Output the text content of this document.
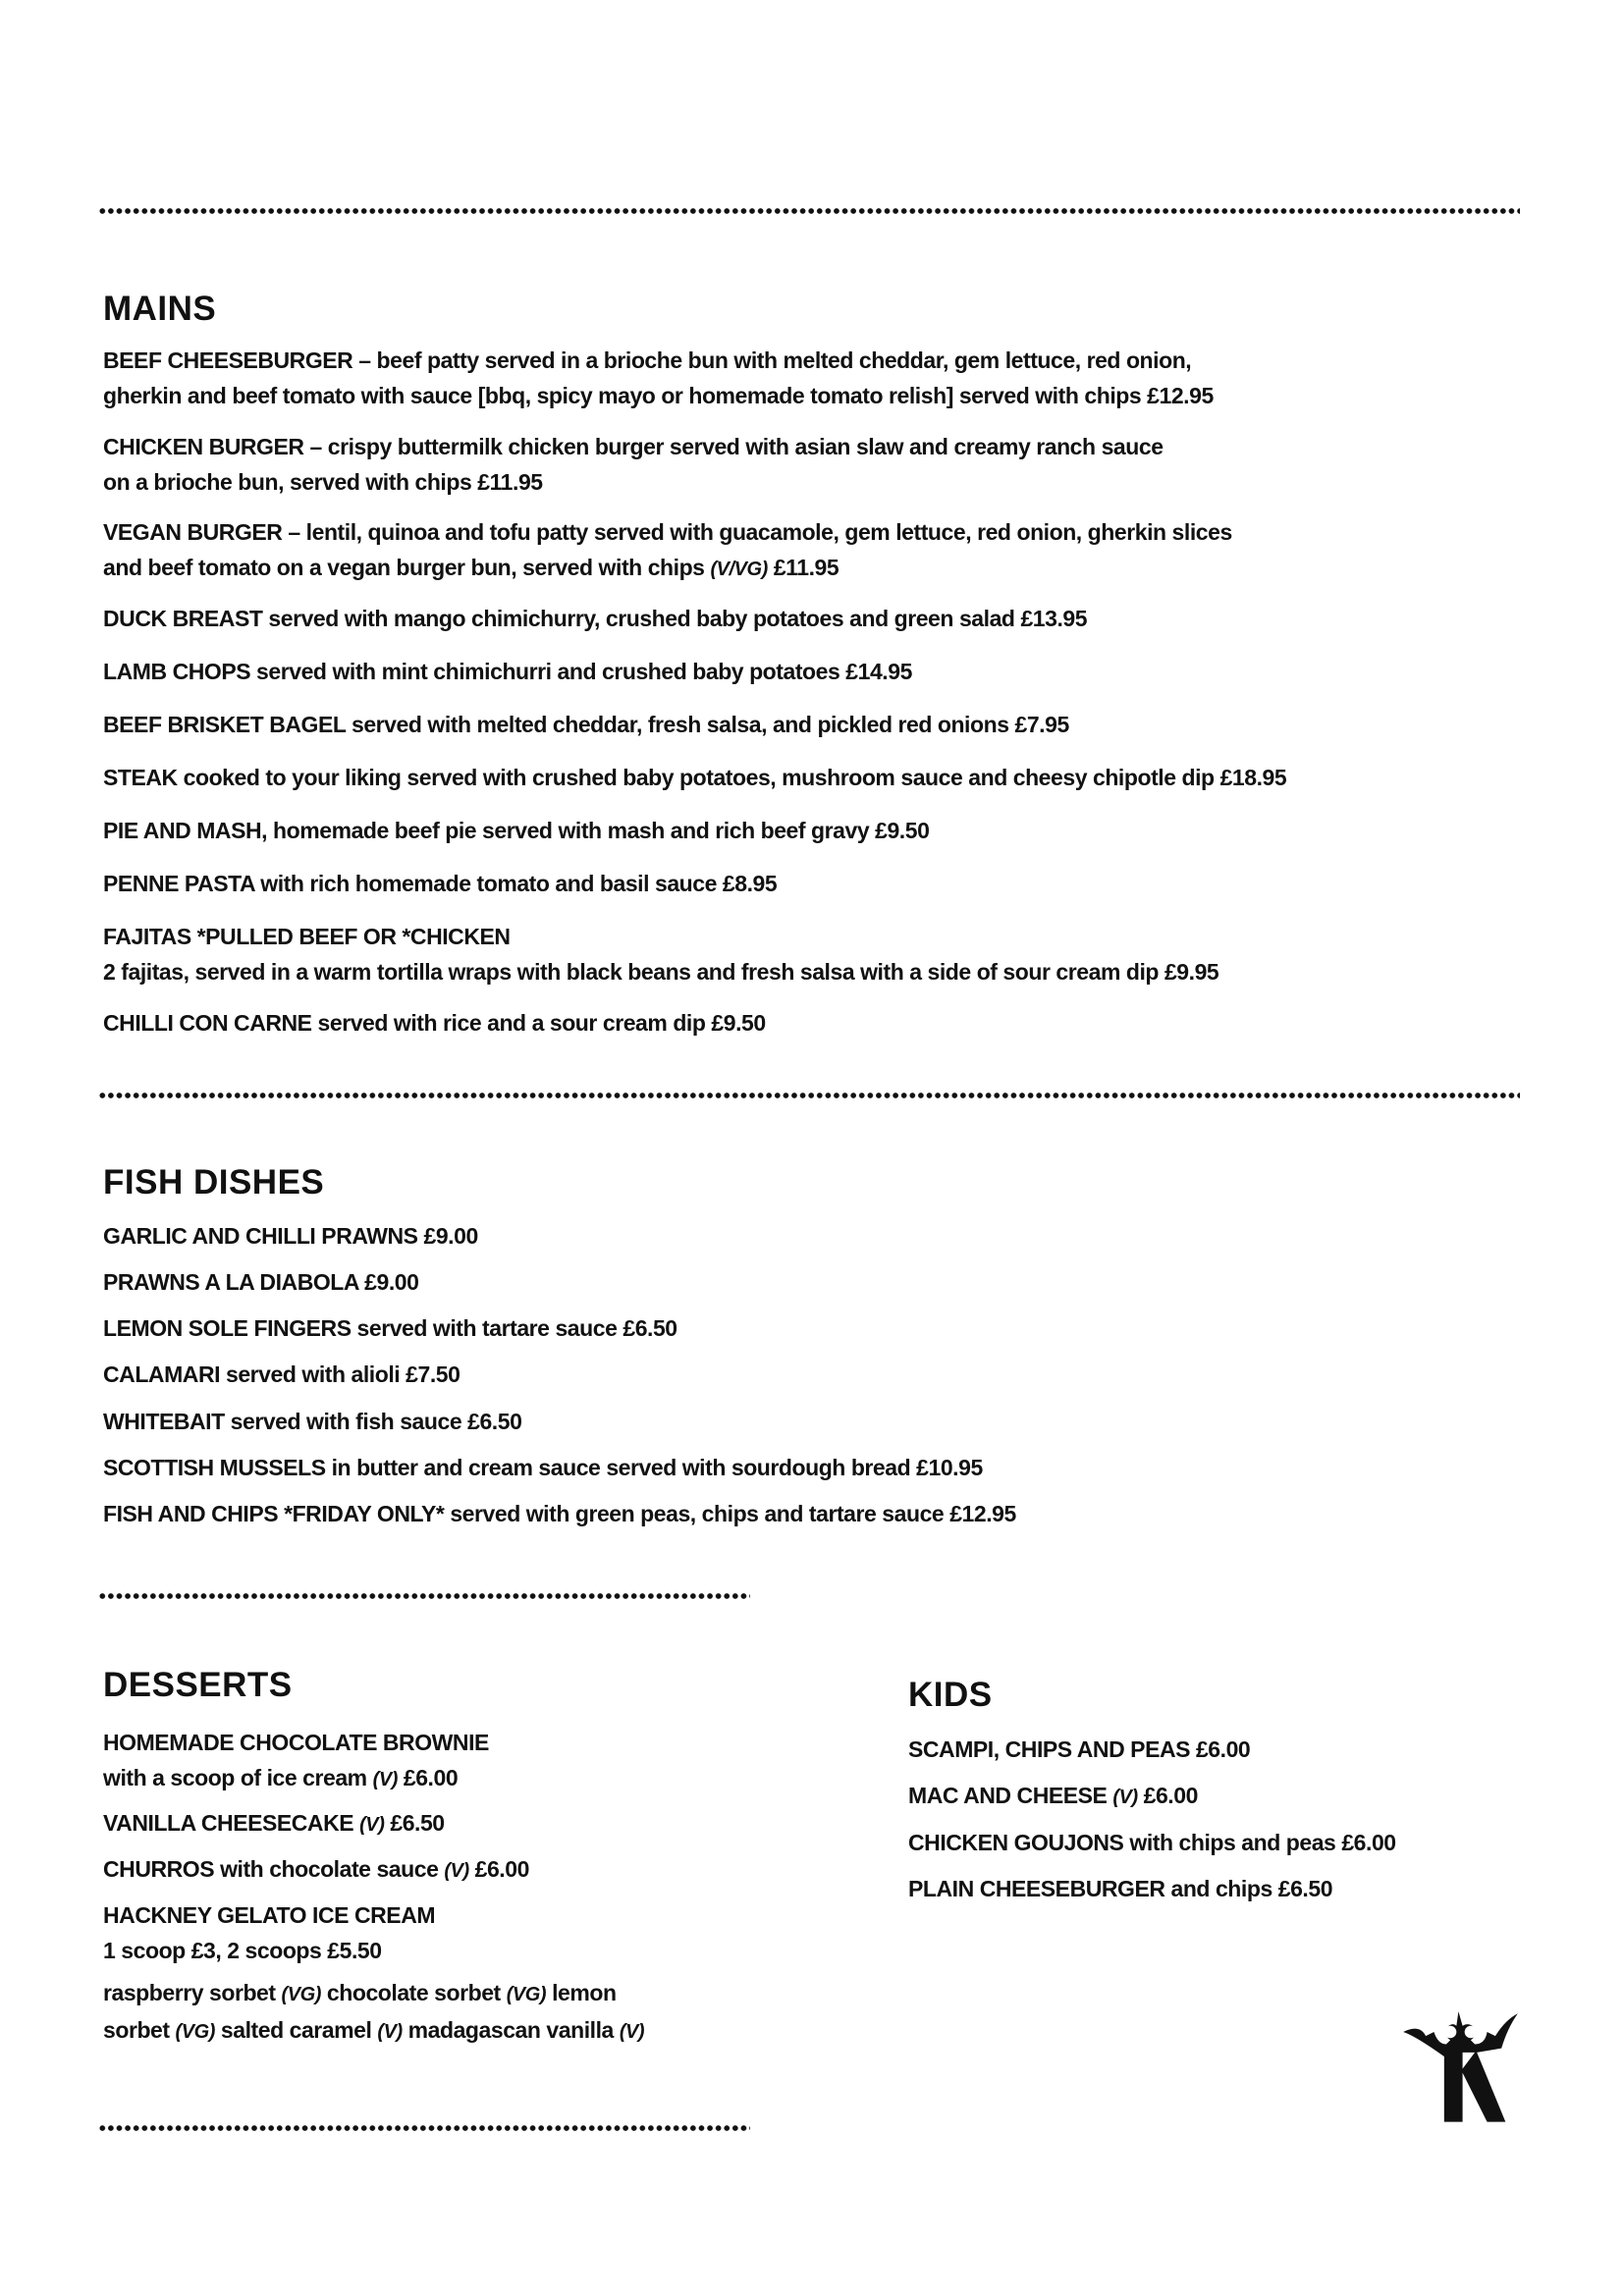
MAINS
BEEF CHEESEBURGER – beef patty served in a brioche bun with melted cheddar, gem lettuce, red onion,
gherkin and beef tomato with sauce [bbq, spicy mayo or homemade tomato relish] served with chips £12.95
CHICKEN BURGER – crispy buttermilk chicken burger served with asian slaw and creamy ranch sauce
on a brioche bun, served with chips £11.95
VEGAN BURGER – lentil, quinoa and tofu patty served with guacamole, gem lettuce, red onion, gherkin slices
and beef tomato on a vegan burger bun, served with chips (V/VG) £11.95
DUCK BREAST served with mango chimichurry, crushed baby potatoes and green salad £13.95
LAMB CHOPS served with mint chimichurri and crushed baby potatoes £14.95
BEEF BRISKET BAGEL served with melted cheddar, fresh salsa, and pickled red onions £7.95
STEAK cooked to your liking served with crushed baby potatoes, mushroom sauce and cheesy chipotle dip £18.95
PIE AND MASH, homemade beef pie served with mash and rich beef gravy £9.50
PENNE PASTA with rich homemade tomato and basil sauce £8.95
FAJITAS *PULLED BEEF OR *CHICKEN
2 fajitas, served in a warm tortilla wraps with black beans and fresh salsa with a side of sour cream dip £9.95
CHILLI CON CARNE served with rice and a sour cream dip £9.50
FISH DISHES
GARLIC AND CHILLI PRAWNS £9.00
PRAWNS A LA DIABOLA £9.00
LEMON SOLE FINGERS served with tartare sauce £6.50
CALAMARI served with alioli £7.50
WHITEBAIT served with fish sauce £6.50
SCOTTISH MUSSELS in butter and cream sauce served with sourdough bread £10.95
FISH AND CHIPS *FRIDAY ONLY* served with green peas, chips and tartare sauce £12.95
DESSERTS
HOMEMADE CHOCOLATE BROWNIE
with a scoop of ice cream (V) £6.00
VANILLA CHEESECAKE (V) £6.50
CHURROS with chocolate sauce (V) £6.00
HACKNEY GELATO ICE CREAM
1 scoop £3, 2 scoops £5.50
raspberry sorbet (VG) chocolate sorbet (VG) lemon
sorbet (VG) salted caramel (V) madagascan vanilla (V)
KIDS
SCAMPI, CHIPS AND PEAS £6.00
MAC AND CHEESE (V) £6.00
CHICKEN GOUJONS with chips and peas £6.00
PLAIN CHEESEBURGER and chips £6.50
